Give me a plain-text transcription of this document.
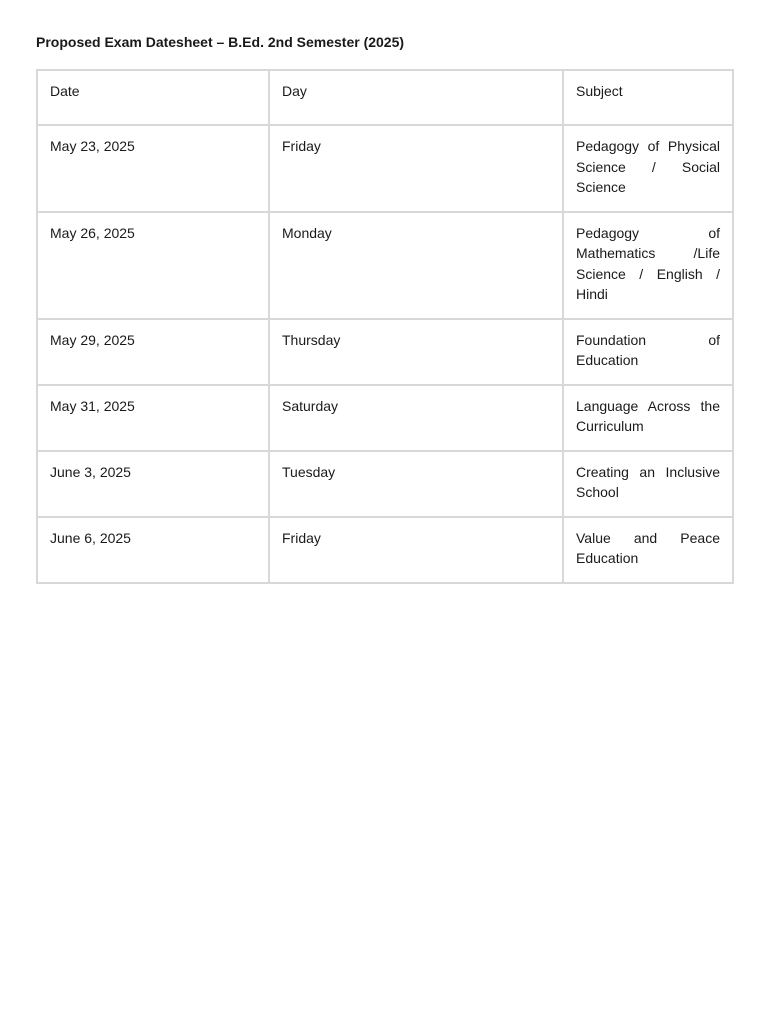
Proposed Exam Datesheet – B.Ed. 2nd Semester (2025)
Date	Day	Subject
May 23, 2025	Friday	Pedagogy of Physical Science / Social Science
May 26, 2025	Monday	Pedagogy of Mathematics /Life Science / English / Hindi
May 29, 2025	Thursday	Foundation of Education
May 31, 2025	Saturday	Language Across the Curriculum
June 3, 2025	Tuesday	Creating an Inclusive School
June 6, 2025	Friday	Value and Peace Education
